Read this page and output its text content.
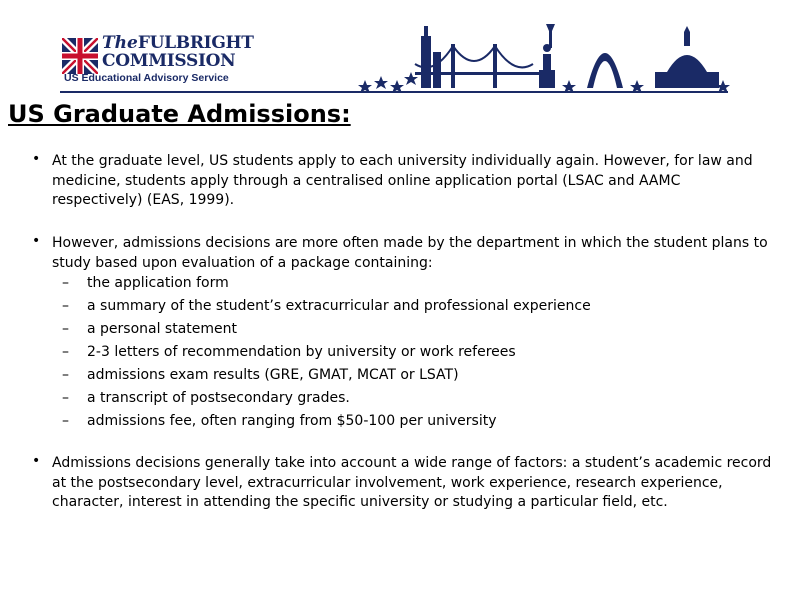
TheFULBRIGHT
COMMISSION
US Educational Advisory Service
US Graduate Admissions:
• At the graduate level, US students apply to each university individually again. However, for law and medicine, students apply through a centralised online application portal (LSAC and AAMC respectively) (EAS, 1999).
• However, admissions decisions are more often made by the department in which the student plans to study based upon evaluation of a package containing:
– the application form
– a summary of the student’s extracurricular and professional experience
– a personal statement
– 2-3 letters of recommendation by university or work referees
– admissions exam results (GRE, GMAT, MCAT or LSAT)
– a transcript of postsecondary grades.
– admissions fee, often ranging from $50-100 per university
• Admissions decisions generally take into account a wide range of factors: a student’s academic record at the postsecondary level, extracurricular involvement, work experience, research experience, character, interest in attending the specific university or studying a particular field, etc.
